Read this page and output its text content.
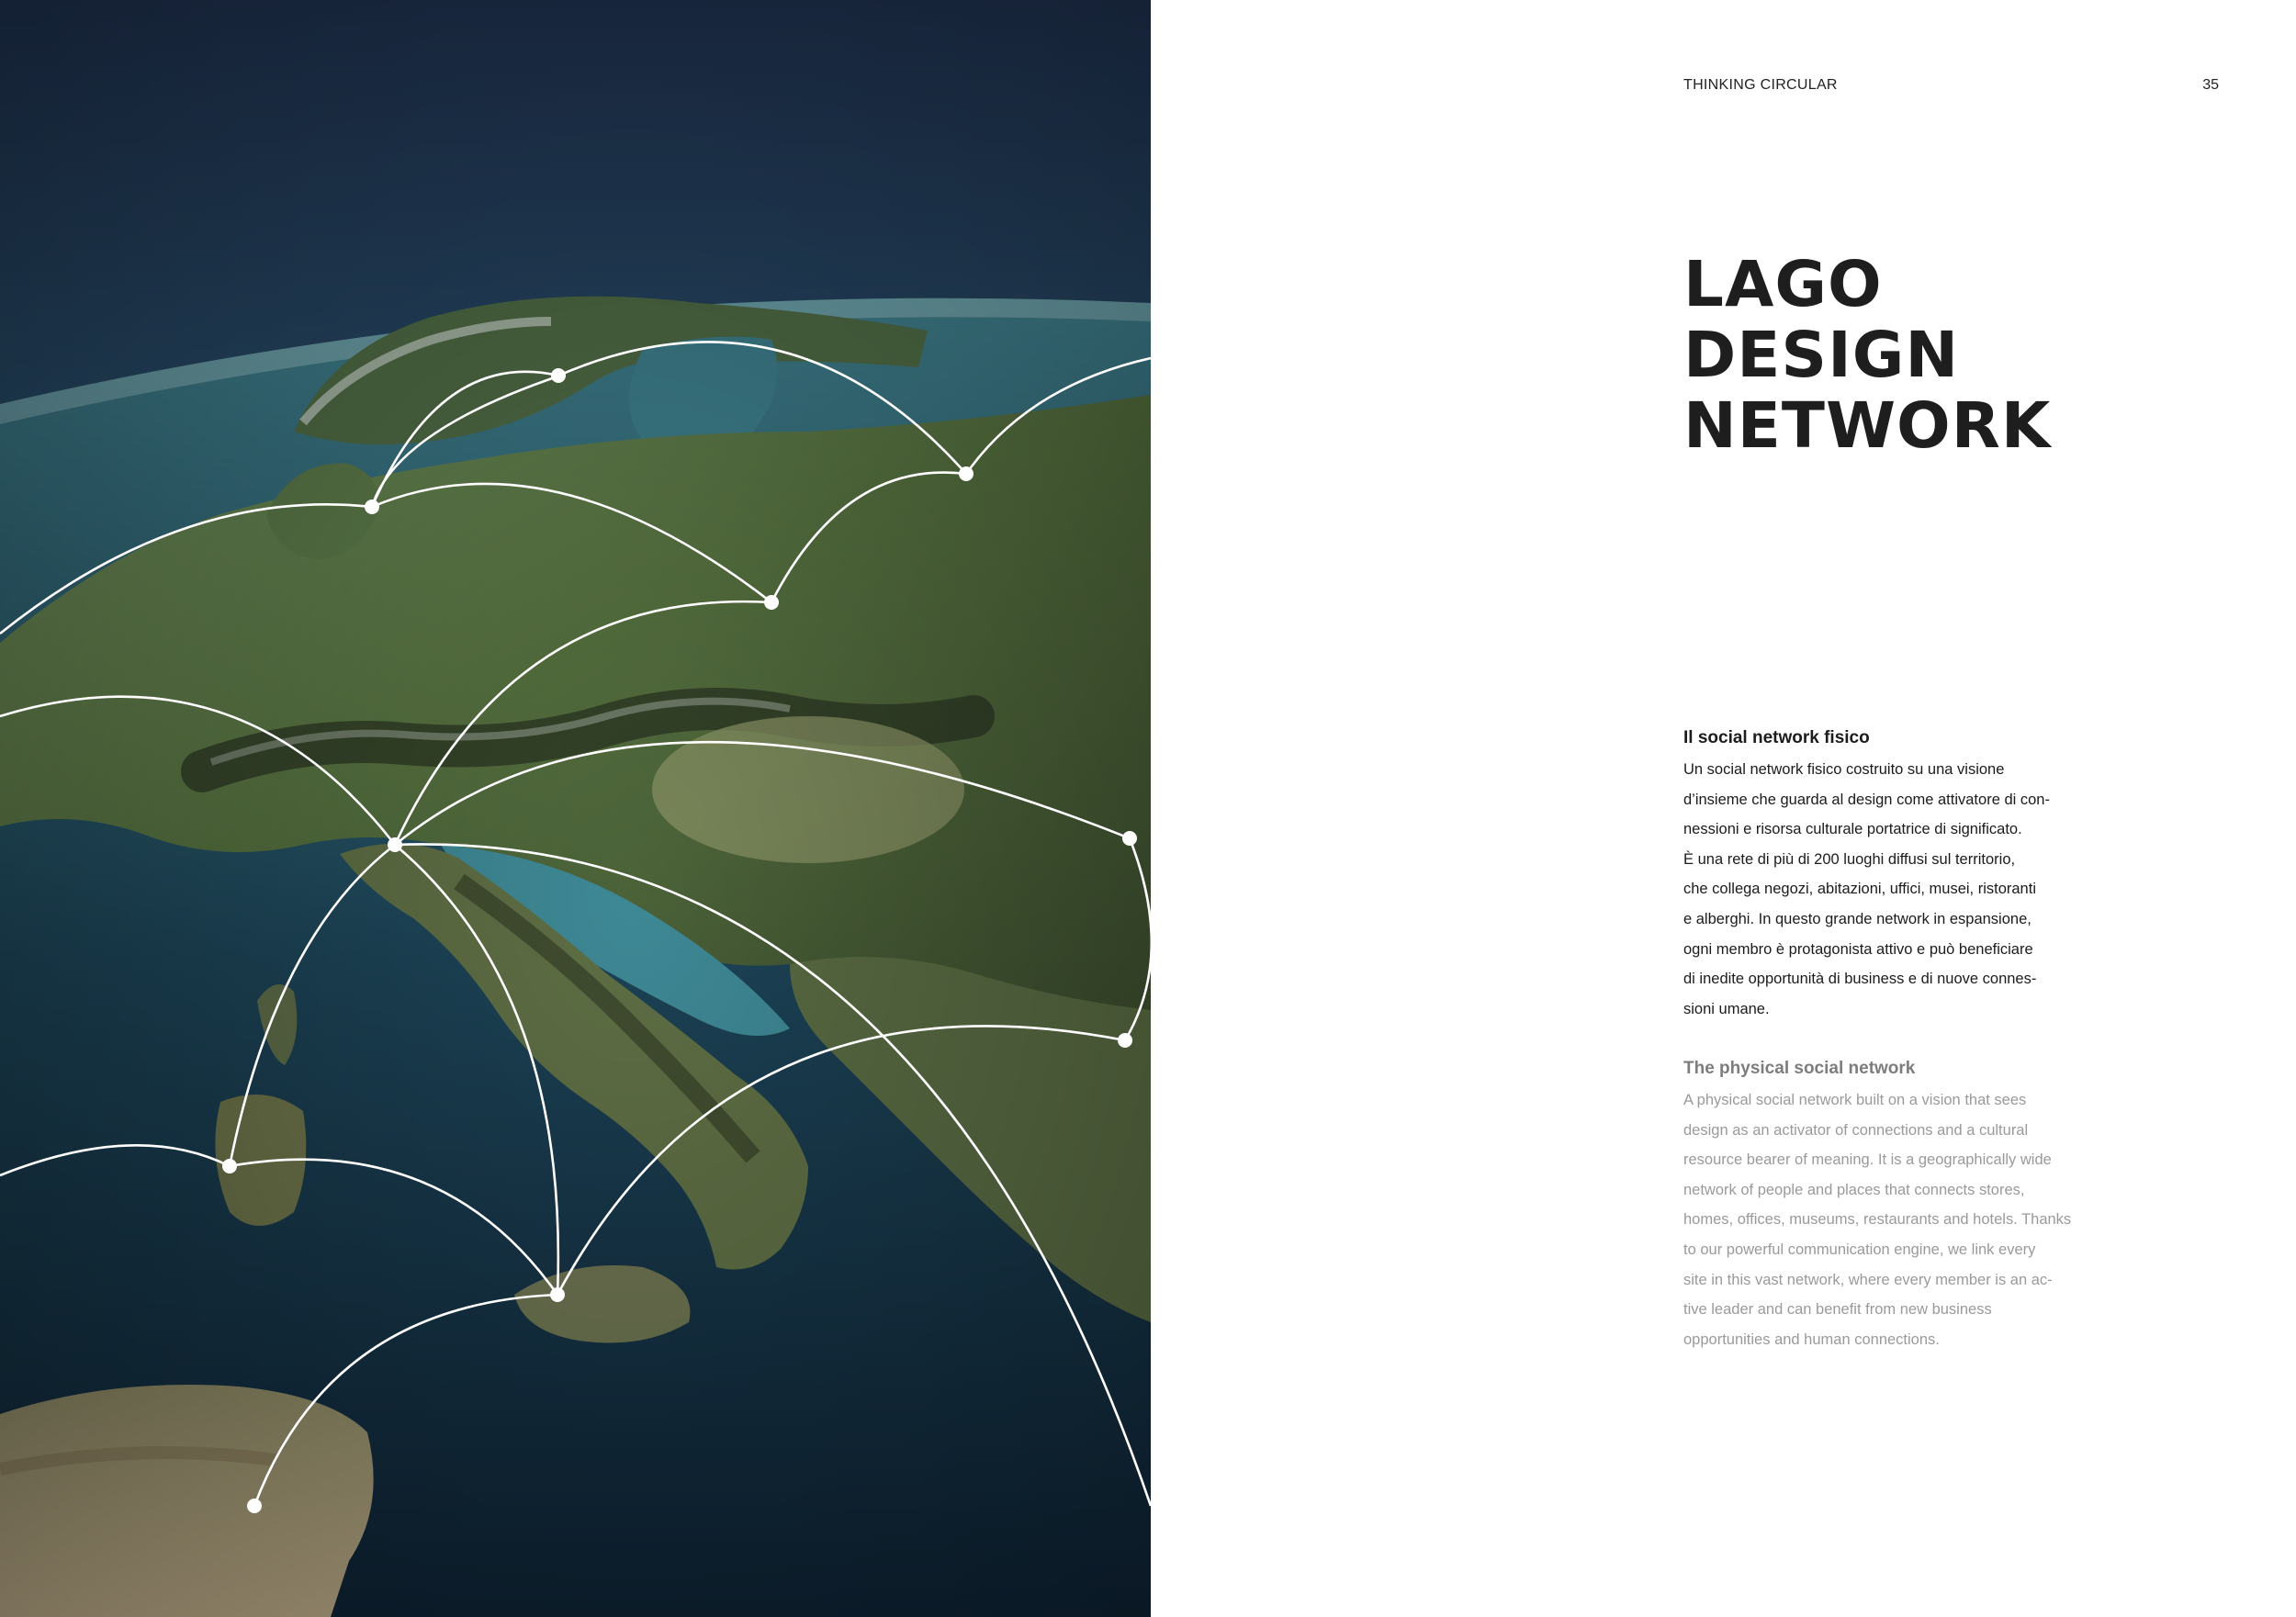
THINKING CIRCULAR	35
LAGO
DESIGN
NETWORK
Il social network fisico

Un social network fisico costruito su una visione
d’insieme che guarda al design come attivatore di con-
nessioni e risorsa culturale portatrice di significato.
È una rete di più di 200 luoghi diffusi sul territorio,
che collega negozi, abitazioni, uffici, musei, ristoranti
e alberghi. In questo grande network in espansione,
ogni membro è protagonista attivo e può beneficiare
di inedite opportunità di business e di nuove connes-
sioni umane.

The physical social network

A physical social network built on a vision that sees
design as an activator of connections and a cultural
resource bearer of meaning. It is a geographically wide
network of people and places that connects stores,
homes, offices, museums, restaurants and hotels. Thanks
to our powerful communication engine, we link every
site in this vast network, where every member is an ac-
tive leader and can benefit from new business
opportunities and human connections.
